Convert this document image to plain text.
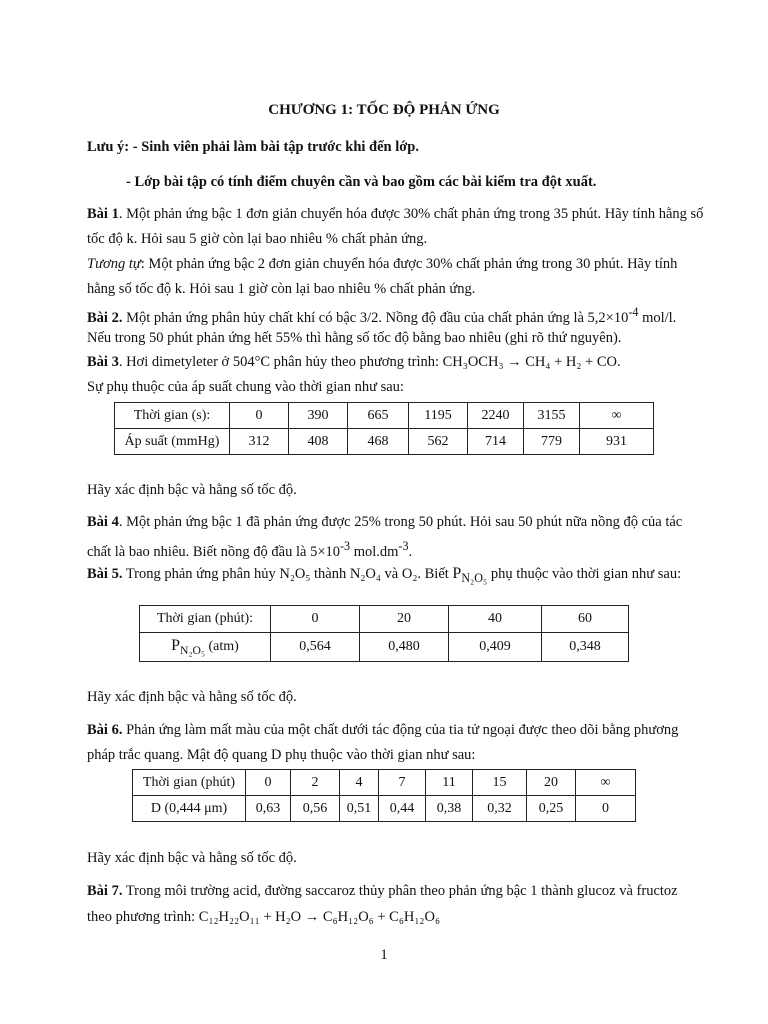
CHƯƠNG 1: TỐC ĐỘ PHẢN ỨNG
Lưu ý: - Sinh viên phải làm bài tập trước khi đến lớp.
- Lớp bài tập có tính điểm chuyên cần và bao gồm các bài kiểm tra đột xuất.
Bài 1. Một phản ứng bậc 1 đơn giản chuyển hóa được 30% chất phản ứng trong 35 phút. Hãy tính hằng số
tốc độ k. Hỏi sau 5 giờ còn lại bao nhiêu % chất phản ứng.
Tương tự: Một phản ứng bậc 2 đơn giản chuyển hóa được 30% chất phản ứng trong 30 phút. Hãy tính
hằng số tốc độ k. Hỏi sau 1 giờ còn lại bao nhiêu % chất phản ứng.
Bài 2. Một phản ứng phân hủy chất khí có bậc 3/2. Nồng độ đầu của chất phản ứng là $5,2\times 10^{-4}$ mol/l.
Nếu trong 50 phút phản ứng hết 55% thì hằng số tốc độ bằng bao nhiêu (ghi rõ thứ nguyên).
Bài 3. Hơi dimetyleter ở 504°C phân hủy theo phương trình: CH₃OCH₃ → CH₄ + H₂ + CO.
Sự phụ thuộc của áp suất chung vào thời gian như sau:
Thời gian (s):	0	390	665	1195	2240	3155	∞
Áp suất (mmHg)	312	408	468	562	714	779	931
Hãy xác định bậc và hằng số tốc độ.
Bài 4. Một phản ứng bậc 1 đã phản ứng được 25% trong 50 phút. Hỏi sau 50 phút nữa nồng độ của tác
chất là bao nhiêu. Biết nồng độ đầu là $5\times 10^{-3}$ $mol.dm^{-3}$.
Bài 5. Trong phản ứng phân hủy N₂O₅ thành N₂O₄ và O₂. Biết $P_{N_2O_5}$ phụ thuộc vào thời gian như sau:
Thời gian (phút):	0	20	40	60
$P_{N_2O_5}$ (atm)	0,564	0,480	0,409	0,348
Hãy xác định bậc và hằng số tốc độ.
Bài 6. Phản ứng làm mất màu của một chất dưới tác động của tia tử ngoại được theo dõi bằng phương
pháp trắc quang. Mật độ quang D phụ thuộc vào thời gian như sau:
Thời gian (phút)	0	2	4	7	11	15	20	∞
D (0,444 μm)	0,63	0,56	0,51	0,44	0,38	0,32	0,25	0
Hãy xác định bậc và hằng số tốc độ.
Bài 7. Trong môi trường acid, đường saccaroz thủy phân theo phản ứng bậc 1 thành glucoz và fructoz
theo phương trình: C₁₂H₂₂O₁₁ + H₂O → C₆H₁₂O₆ + C₆H₁₂O₆
1
